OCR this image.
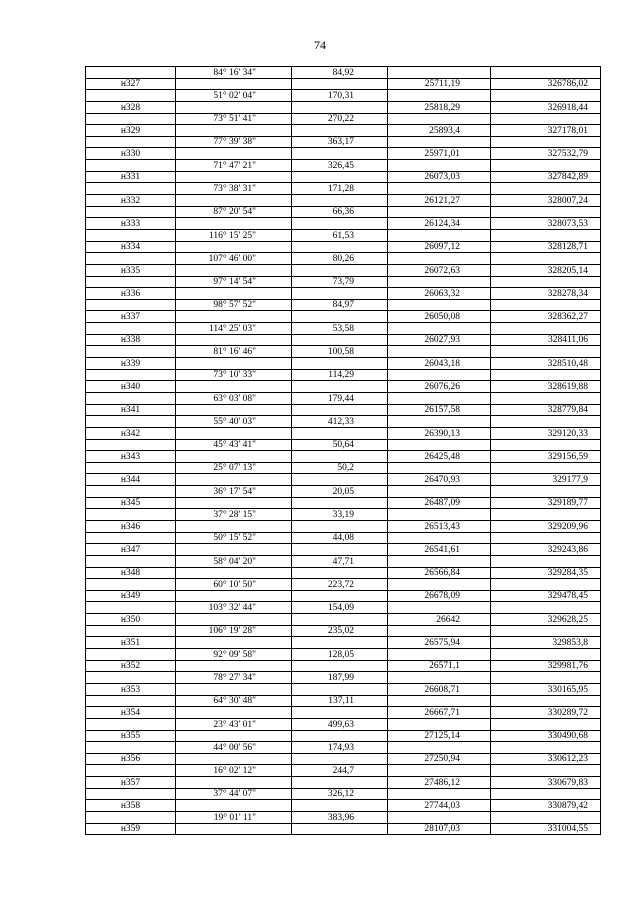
74
	84° 16' 34"	84,92		
н327			25711,19	326786,02
	51° 02' 04"	170,31		
н328			25818,29	326918,44
	73° 51' 41"	270,22		
н329			25893,4	327178,01
	77° 39' 38"	363,17		
н330			25971,01	327532,79
	71° 47' 21"	326,45		
н331			26073,03	327842,89
	73° 38' 31"	171,28		
н332			26121,27	328007,24
	87° 20' 54"	66,36		
н333			26124,34	328073,53
	116° 15' 25"	61,53		
н334			26097,12	328128,71
	107° 46' 00"	80,26		
н335			26072,63	328205,14
	97° 14' 54"	73,79		
н336			26063,32	328278,34
	98° 57' 52"	84,97		
н337			26050,08	328362,27
	114° 25' 03"	53,58		
н338			26027,93	328411,06
	81° 16' 46"	100,58		
н339			26043,18	328510,48
	73° 10' 33"	114,29		
н340			26076,26	328619,88
	63° 03' 08"	179,44		
н341			26157,58	328779,84
	55° 40' 03"	412,33		
н342			26390,13	329120,33
	45° 43' 41"	50,64		
н343			26425,48	329156,59
	25° 07' 13"	50,2		
н344			26470,93	329177,9
	36° 17' 54"	20,05		
н345			26487,09	329189,77
	37° 28' 15"	33,19		
н346			26513,43	329209,96
	50° 15' 52"	44,08		
н347			26541,61	329243,86
	58° 04' 20"	47,71		
н348			26566,84	329284,35
	60° 10' 50"	223,72		
н349			26678,09	329478,45
	103° 32' 44"	154,09		
н350			26642	329628,25
	106° 19' 28"	235,02		
н351			26575,94	329853,8
	92° 09' 58"	128,05		
н352			26571,1	329981,76
	78° 27' 34"	187,99		
н353			26608,71	330165,95
	64° 30' 48"	137,11		
н354			26667,71	330289,72
	23° 43' 01"	499,63		
н355			27125,14	330490,68
	44° 00' 56"	174,93		
н356			27250,94	330612,23
	16° 02' 12"	244,7		
н357			27486,12	330679,83
	37° 44' 07"	326,12		
н358			27744,03	330879,42
	19° 01' 11"	383,96		
н359			28107,03	331004,55
